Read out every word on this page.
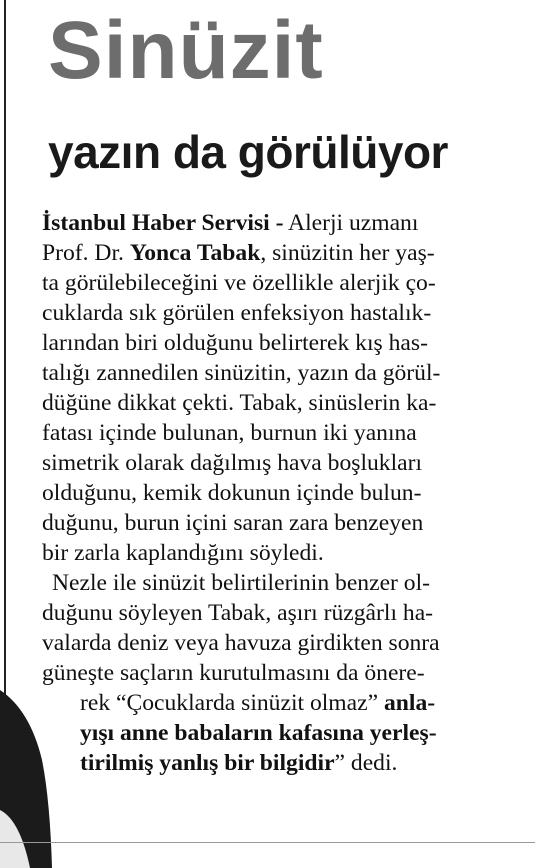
Sinüzit
yazın da görülüyor
İstanbul Haber Servisi - Alerji uzmanı
Prof. Dr. Yonca Tabak, sinüzitin her yaş-
ta görülebileceğini ve özellikle alerjik ço-
cuklarda sık görülen enfeksiyon hastalık-
larından biri olduğunu belirterek kış has-
talığı zannedilen sinüzitin, yazın da görül-
düğüne dikkat çekti. Tabak, sinüslerin ka-
fatası içinde bulunan, burnun iki yanına
simetrik olarak dağılmış hava boşlukları
olduğunu, kemik dokunun içinde bulun-
duğunu, burun içini saran zara benzeyen
bir zarla kaplandığını söyledi.
Nezle ile sinüzit belirtilerinin benzer ol-
duğunu söyleyen Tabak, aşırı rüzgârlı ha-
valarda deniz veya havuza girdikten sonra
güneşte saçların kurutulmasını da önere-
rek “Çocuklarda sinüzit olmaz” anla-
yışı anne babaların kafasına yerleş-
tirilmiş yanlış bir bilgidir” dedi.
